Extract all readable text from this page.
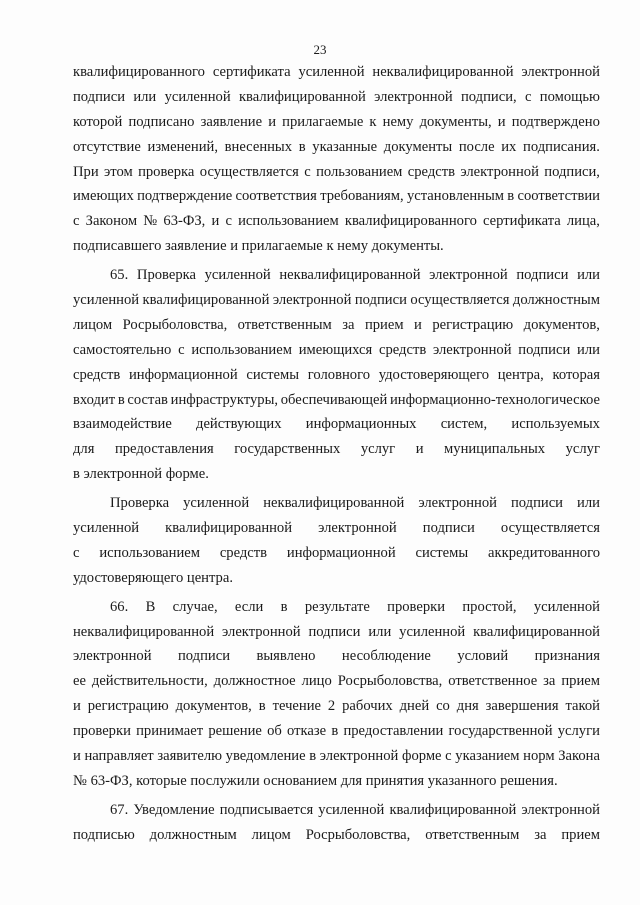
23
квалифицированного сертификата усиленной неквалифицированной электронной
подписи или усиленной квалифицированной электронной подписи, с помощью
которой подписано заявление и прилагаемые к нему документы, и подтверждено
отсутствие изменений, внесенных в указанные документы после их подписания.
При этом проверка осуществляется с пользованием средств электронной подписи,
имеющих подтверждение соответствия требованиям, установленным в соответствии
с Законом № 63-ФЗ, и с использованием квалифицированного сертификата лица,
подписавшего заявление и прилагаемые к нему документы.
65. Проверка усиленной неквалифицированной электронной подписи или
усиленной квалифицированной электронной подписи осуществляется должностным
лицом Росрыболовства, ответственным за прием и регистрацию документов,
самостоятельно с использованием имеющихся средств электронной подписи или
средств информационной системы головного удостоверяющего центра, которая
входит в состав инфраструктуры, обеспечивающей информационно-технологическое
взаимодействие действующих информационных систем, используемых
для предоставления государственных услуг и муниципальных услуг
в электронной форме.
Проверка усиленной неквалифицированной электронной подписи или
усиленной квалифицированной электронной подписи осуществляется
с использованием средств информационной системы аккредитованного
удостоверяющего центра.
66. В случае, если в результате проверки простой, усиленной
неквалифицированной электронной подписи или усиленной квалифицированной
электронной подписи выявлено несоблюдение условий признания
ее действительности, должностное лицо Росрыболовства, ответственное за прием
и регистрацию документов, в течение 2 рабочих дней со дня завершения такой
проверки принимает решение об отказе в предоставлении государственной услуги
и направляет заявителю уведомление в электронной форме с указанием норм Закона
№ 63-ФЗ, которые послужили основанием для принятия указанного решения.
67. Уведомление подписывается усиленной квалифицированной электронной
подписью должностным лицом Росрыболовства, ответственным за прием
